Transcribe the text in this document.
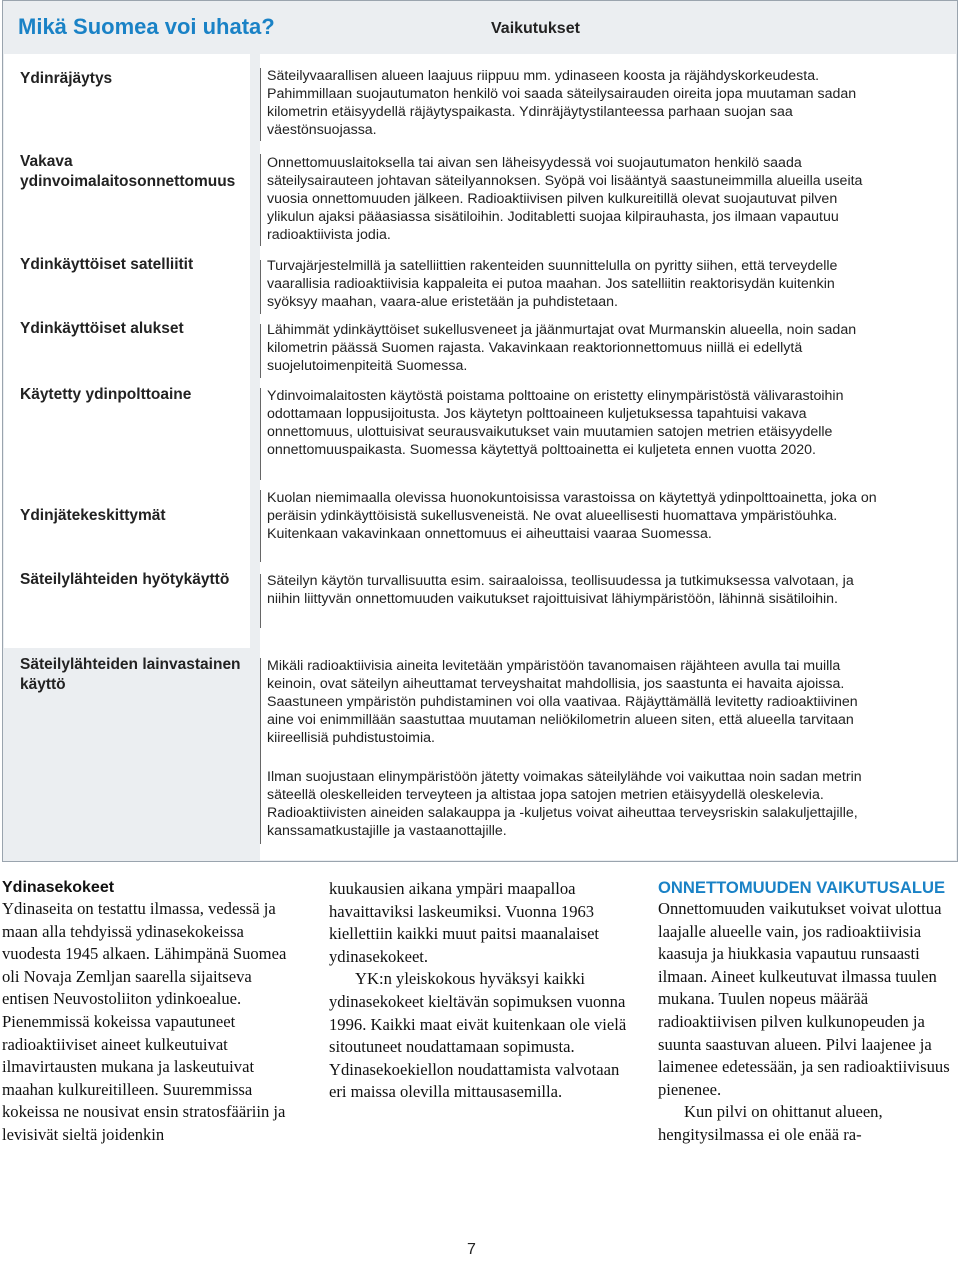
Mikä Suomea voi uhata?	Vaikutukset
Ydinräjäytys
Vakava ydinvoimalaitosonnettomuus
Ydinkäyttöiset satelliitit
Ydinkäyttöiset alukset
Käytetty ydinpolttoaine
Ydinjätekeskittymät
Säteilylähteiden hyötykäyttö
Säteilylähteiden lainvastainen käyttö
Säteilyvaarallisen alueen laajuus riippuu mm. ydinaseen koosta ja räjähdyskorkeudesta. Pahimmillaan suojautumaton henkilö voi saada säteilysairauden oireita jopa muutaman sadan kilometrin etäisyydellä räjäytyspaikasta. Ydinräjäytystilanteessa parhaan suojan saa väestönsuojassa.
Onnettomuuslaitoksella tai aivan sen läheisyydessä voi suojautumaton henkilö saada säteilysairauteen johtavan säteilyannoksen. Syöpä voi lisääntyä saastuneimmilla alueilla useita vuosia onnettomuuden jälkeen. Radioaktiivisen pilven kulkureitillä olevat suojautuvat pilven ylikulun ajaksi pääasiassa sisätiloihin. Joditabletti suojaa kilpirauhasta, jos ilmaan vapautuu radioaktiivista jodia.
Turvajärjestelmillä ja satelliittien rakenteiden suunnittelulla on pyritty siihen, että terveydelle vaarallisia radioaktiivisia kappaleita ei putoa maahan. Jos satelliitin reaktorisydän kuitenkin syöksyy maahan, vaara-alue eristetään ja puhdistetaan.
Lähimmät ydinkäyttöiset sukellusveneet ja jäänmurtajat ovat Murmanskin alueella, noin sadan kilometrin päässä Suomen rajasta. Vakavinkaan reaktorionnettomuus niillä ei edellytä suojelutoimenpiteitä Suomessa.
Ydinvoimalaitosten käytöstä poistama polttoaine on eristetty elinympäristöstä välivarastoihin odottamaan loppusijoitusta. Jos käytetyn polttoaineen kuljetuksessa tapahtuisi vakava onnettomuus, ulottuisivat seurausvaikutukset vain muutamien satojen metrien etäisyydelle onnettomuuspaikasta. Suomessa käytettyä polttoainetta ei kuljeteta ennen vuotta 2020.
Kuolan niemimaalla olevissa huonokuntoisissa varastoissa on käytettyä ydinpolttoainetta, joka on peräisin ydinkäyttöisistä sukellusveneistä. Ne ovat alueellisesti huomattava ympäristöuhka. Kuitenkaan vakavinkaan onnettomuus ei aiheuttaisi vaaraa Suomessa.
Säteilyn käytön turvallisuutta esim. sairaaloissa, teollisuudessa ja tutkimuksessa valvotaan, ja niihin liittyvän onnettomuuden vaikutukset rajoittuisivat lähiympäristöön, lähinnä sisätiloihin.
Mikäli radioaktiivisia aineita levitetään ympäristöön tavanomaisen räjähteen avulla tai muilla keinoin, ovat säteilyn aiheuttamat terveyshaitat mahdollisia, jos saastunta ei havaita ajoissa. Saastuneen ympäristön puhdistaminen voi olla vaativaa. Räjäyttämällä levitetty radioaktiivinen aine voi enimmillään saastuttaa muutaman neliökilometrin alueen siten, että alueella tarvitaan kiireellisiä puhdistustoimia.
Ilman suojustaan elinympäristöön jätetty voimakas säteilylähde voi vaikuttaa noin sadan metrin säteellä oleskelleiden terveyteen ja altistaa jopa satojen metrien etäisyydellä oleskelevia. Radioaktiivisten aineiden salakauppa ja -kuljetus voivat aiheuttaa terveysriskin salakuljettajille, kanssamatkustajille ja vastaanottajille.
Ydinasekokeet

Ydinaseita on testattu ilmassa, vedessä ja maan alla tehdyissä ydinasekokeissa vuodesta 1945 alkaen. Lähimpänä Suomea oli Novaja Zemljan saarella sijaitseva entisen Neuvostoliiton ydinkoealue. Pienemmissä kokeissa vapautuneet radioaktiiviset aineet kulkeutuivat ilmavirtausten mukana ja laskeutuivat maahan kulkureitilleen. Suuremmissa kokeissa ne nousivat ensin stratosfääriin ja levisivät sieltä joidenkin

kuukausien aikana ympäri maapalloa havaittaviksi laskeumiksi. Vuonna 1963 kiellettiin kaikki muut paitsi maanalaiset ydinasekokeet.

YK:n yleiskokous hyväksyi kaikki ydinasekokeet kieltävän sopimuksen vuonna 1996. Kaikki maat eivät kuitenkaan ole vielä sitoutuneet noudattamaan sopimusta. Ydinasekoekiellon noudattamista valvotaan eri maissa olevilla mittausasemilla.

ONNETTOMUUDEN VAIKUTUSALUE

Onnettomuuden vaikutukset voivat ulottua laajalle alueelle vain, jos radioaktiivisia kaasuja ja hiukkasia vapautuu runsaasti ilmaan. Aineet kulkeutuvat ilmassa tuulen mukana. Tuulen nopeus määrää radioaktiivisen pilven kulkunopeuden ja suunta saastuvan alueen. Pilvi laajenee ja laimenee edetessään, ja sen radioaktiivisuus pienenee.

Kun pilvi on ohittanut alueen, hengitysilmassa ei ole enää ra-

7
